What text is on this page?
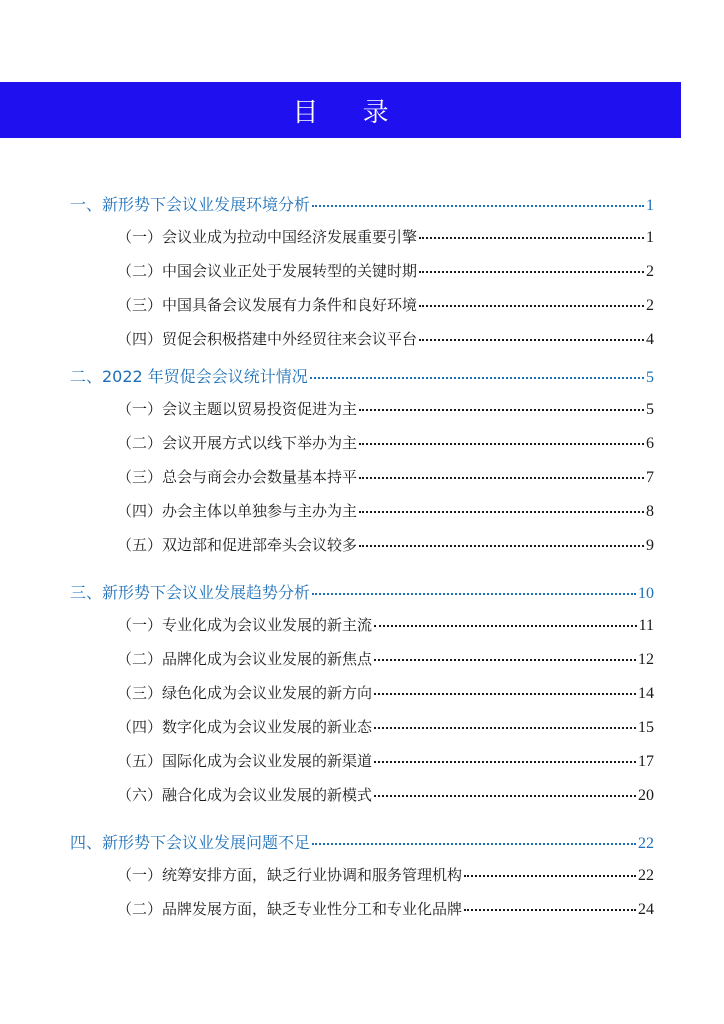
目 录
一、新形势下会议业发展环境分析	1
（一）会议业成为拉动中国经济发展重要引擎	1
（二）中国会议业正处于发展转型的关键时期	2
（三）中国具备会议发展有力条件和良好环境	2
（四）贸促会积极搭建中外经贸往来会议平台	4
二、2022 年贸促会会议统计情况	5
（一）会议主题以贸易投资促进为主	5
（二）会议开展方式以线下举办为主	6
（三）总会与商会办会数量基本持平	7
（四）办会主体以单独参与主办为主	8
（五）双边部和促进部牵头会议较多	9
三、新形势下会议业发展趋势分析	10
（一）专业化成为会议业发展的新主流	11
（二）品牌化成为会议业发展的新焦点	12
（三）绿色化成为会议业发展的新方向	14
（四）数字化成为会议业发展的新业态	15
（五）国际化成为会议业发展的新渠道	17
（六）融合化成为会议业发展的新模式	20
四、新形势下会议业发展问题不足	22
（一）统筹安排方面，缺乏行业协调和服务管理机构	22
（二）品牌发展方面，缺乏专业性分工和专业化品牌	24
